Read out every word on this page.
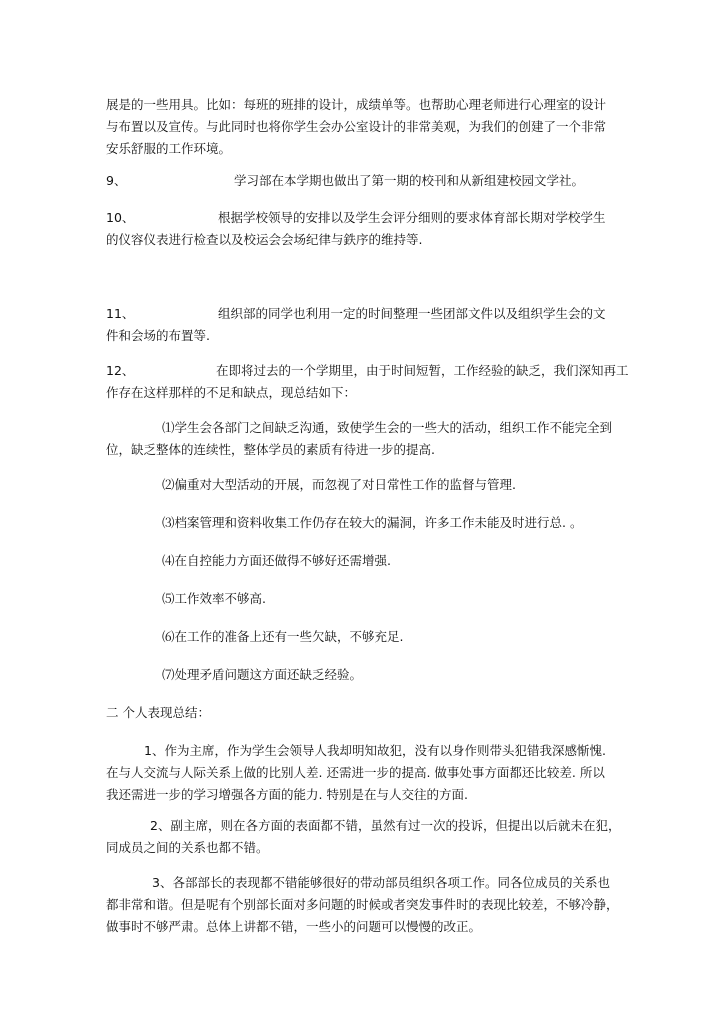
展是的一些用具。比如：每班的班排的设计，成绩单等。也帮助心理老师进行心理室的设计
与布置以及宣传。与此同时也将你学生会办公室设计的非常美观，为我们的创建了一个非常
安乐舒服的工作环境。
9、	学习部在本学期也做出了第一期的校刊和从新组建校园文学社。
10、	根据学校领导的安排以及学生会评分细则的要求体育部长期对学校学生
的仪容仪表进行检查以及校运会会场纪律与鉄序的维持等.
11、	组织部的同学也利用一定的时间整理一些团部文件以及组织学生会的文
件和会场的布置等.
12、	在即将过去的一个学期里，由于时间短暂，工作经验的缺乏，我们深知再工
作存在这样那样的不足和缺点，现总结如下：
⑴学生会各部门之间缺乏沟通，致使学生会的一些大的活动，组织工作不能完全到
位，缺乏整体的连续性，整体学员的素质有待进一步的提高.

⑵偏重对大型活动的开展，而忽视了对日常性工作的监督与管理.

⑶档案管理和资料收集工作仍存在较大的漏洞，许多工作未能及时进行总. 。

⑷在自控能力方面还做得不够好还需增强.

⑸工作效率不够高.

⑹在工作的准备上还有一些欠缺，不够充足.

⑺处理矛盾问题这方面还缺乏经验。

二 个人表现总结：

1、作为主席，作为学生会领导人我却明知故犯，没有以身作则带头犯错我深感惭愧.
在与人交流与人际关系上做的比别人差. 还需进一步的提高. 做事处事方面都还比较差. 所以
我还需进一步的学习增强各方面的能力. 特别是在与人交往的方面.
2、副主席，则在各方面的表面都不错，虽然有过一次的投诉，但提出以后就未在犯，
同成员之间的关系也都不错。
3、各部部长的表现都不错能够很好的带动部员组织各项工作。同各位成员的关系也
都非常和谐。但是呢有个别部长面对多问题的时候或者突发事件时的表现比较差，不够冷静，
做事时不够严肃。总体上讲都不错，一些小的问题可以慢慢的改正。
